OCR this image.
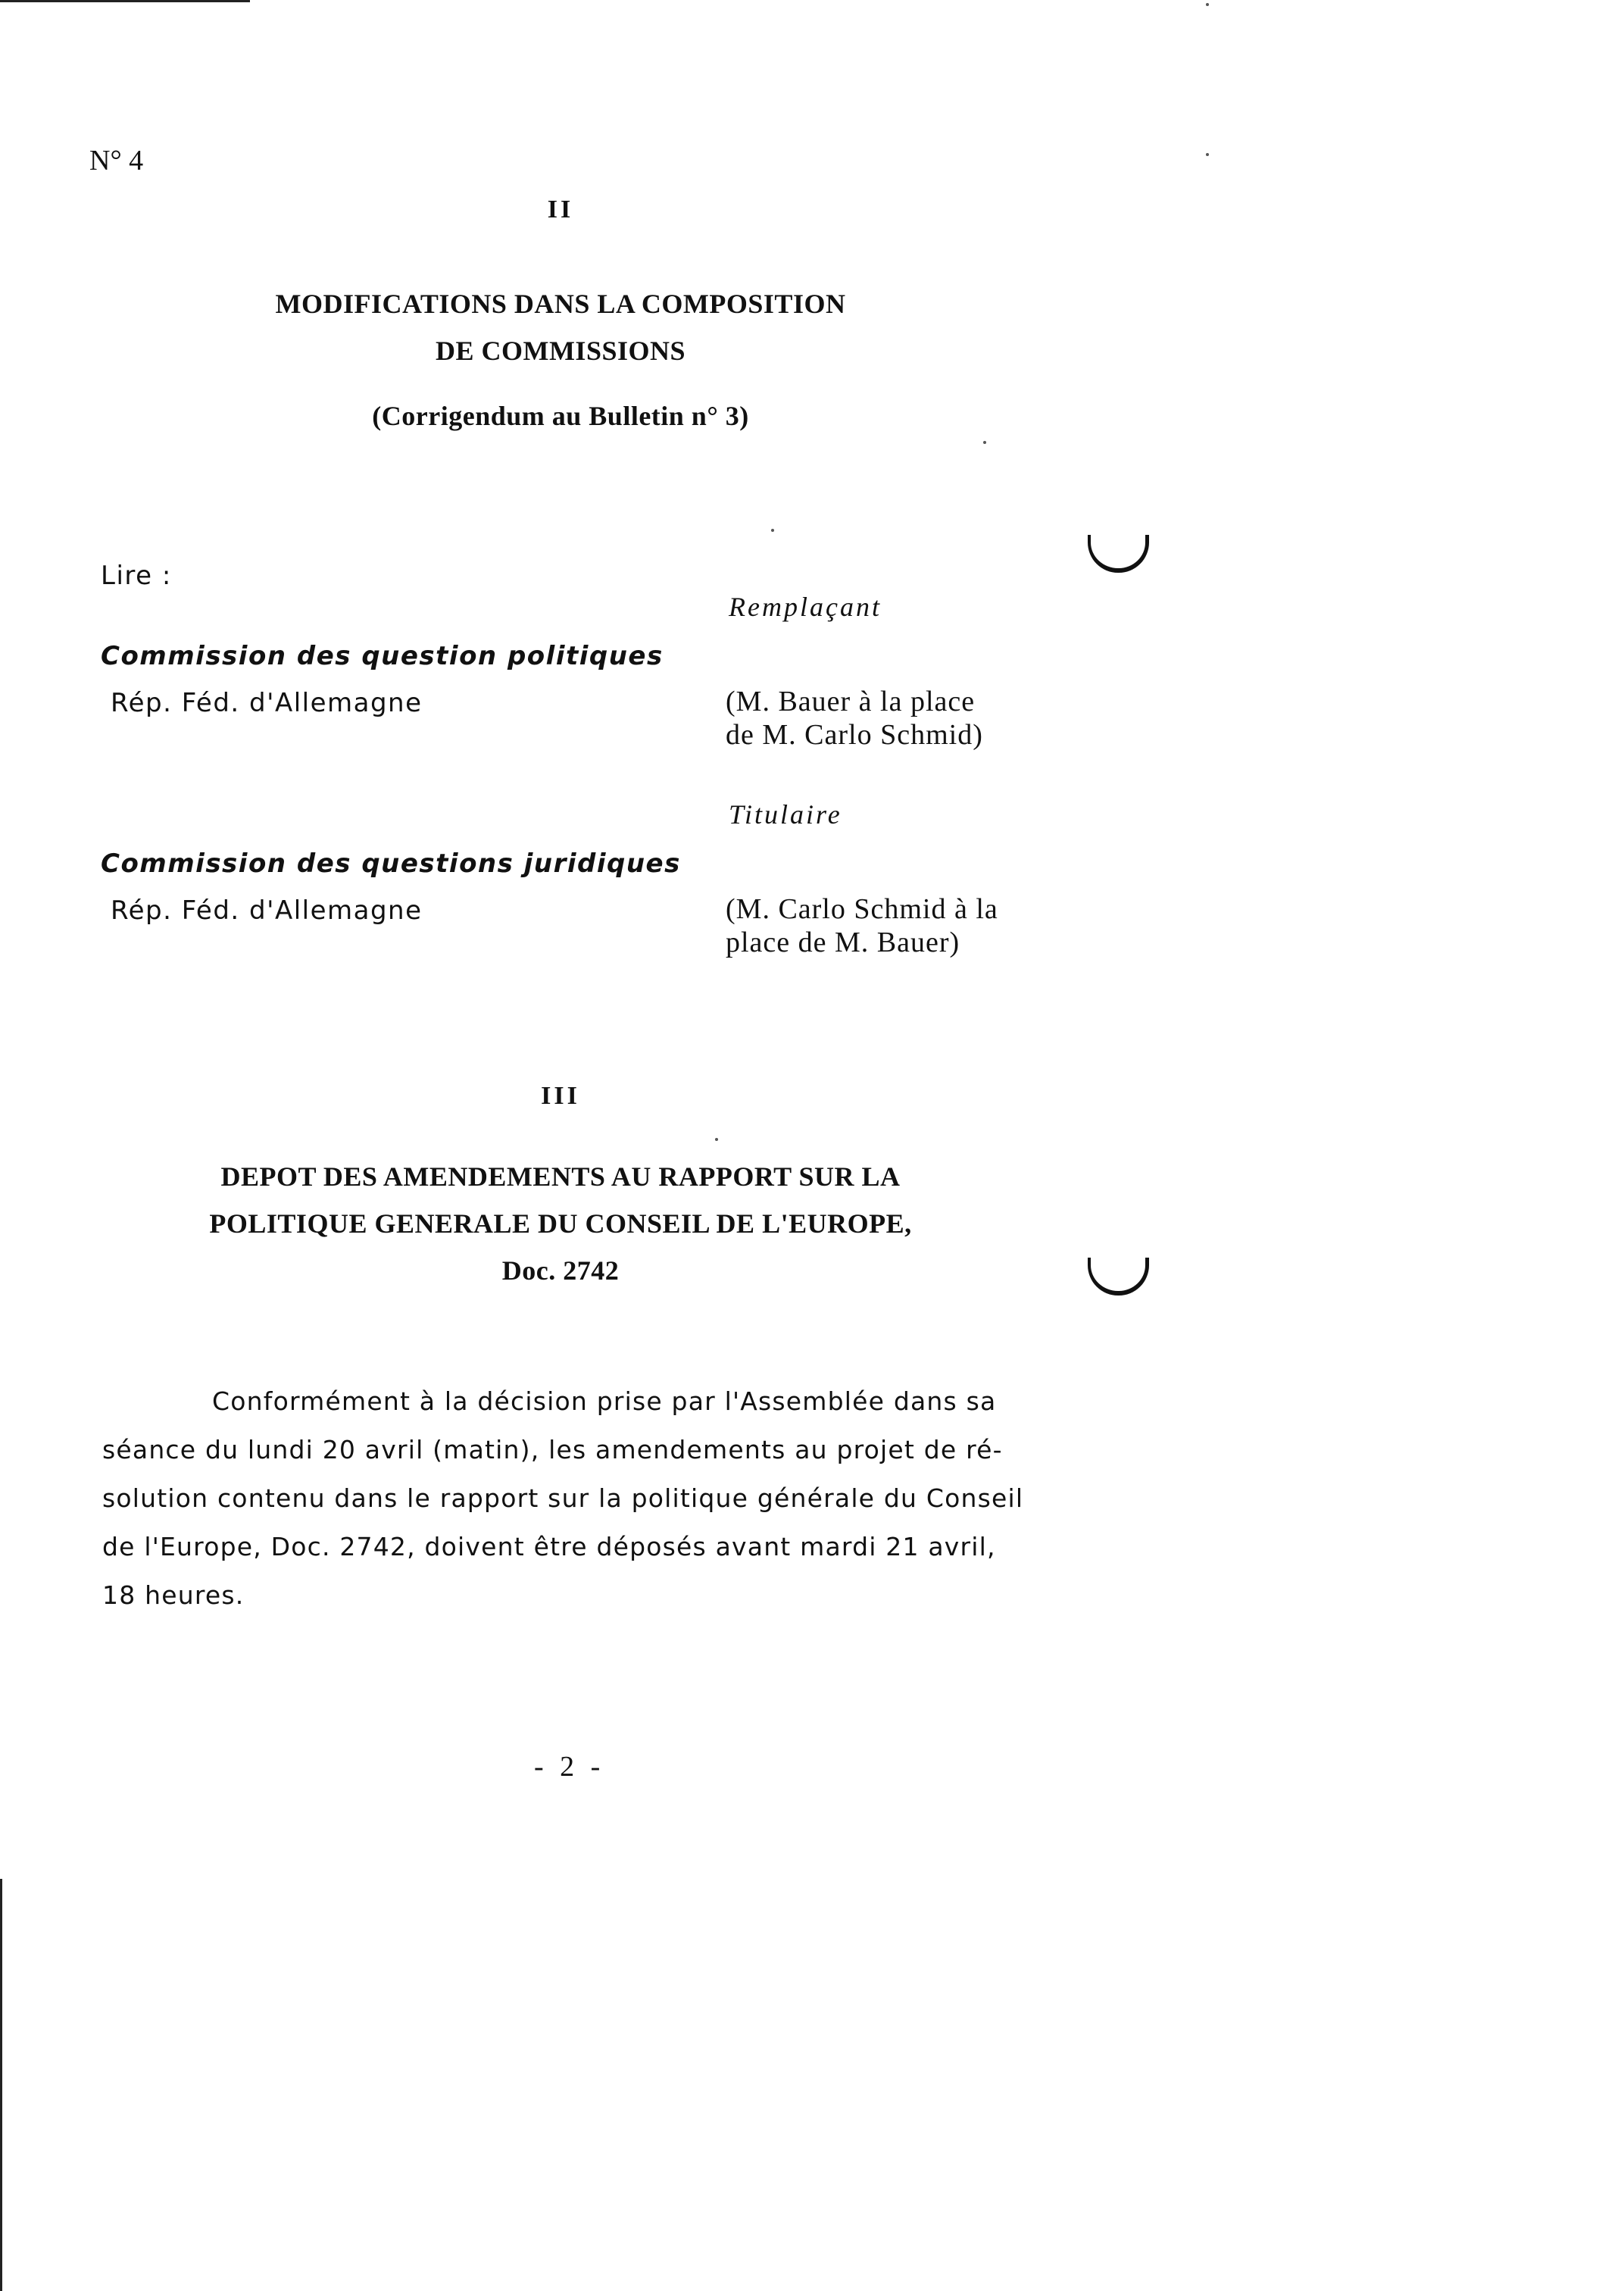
N° 4
II
MODIFICATIONS DANS LA COMPOSITION
DE COMMISSIONS
(Corrigendum au Bulletin n° 3)
Lire :
Remplaçant
Commission des question politiques
Rép. Féd. d'Allemagne	(M. Bauer à la place
de M. Carlo Schmid)
Titulaire
Commission des questions juridiques
Rép. Féd. d'Allemagne	(M. Carlo Schmid à la
place de M. Bauer)
III
DEPOT DES AMENDEMENTS AU RAPPORT SUR LA
POLITIQUE GENERALE DU CONSEIL DE L'EUROPE,
Doc. 2742
Conformément à la décision prise par l'Assemblée dans sa
séance du lundi 20 avril (matin), les amendements au projet de ré-
solution contenu dans le rapport sur la politique générale du Conseil
de l'Europe, Doc. 2742, doivent être déposés avant mardi 21 avril,
18 heures.
- 2 -
